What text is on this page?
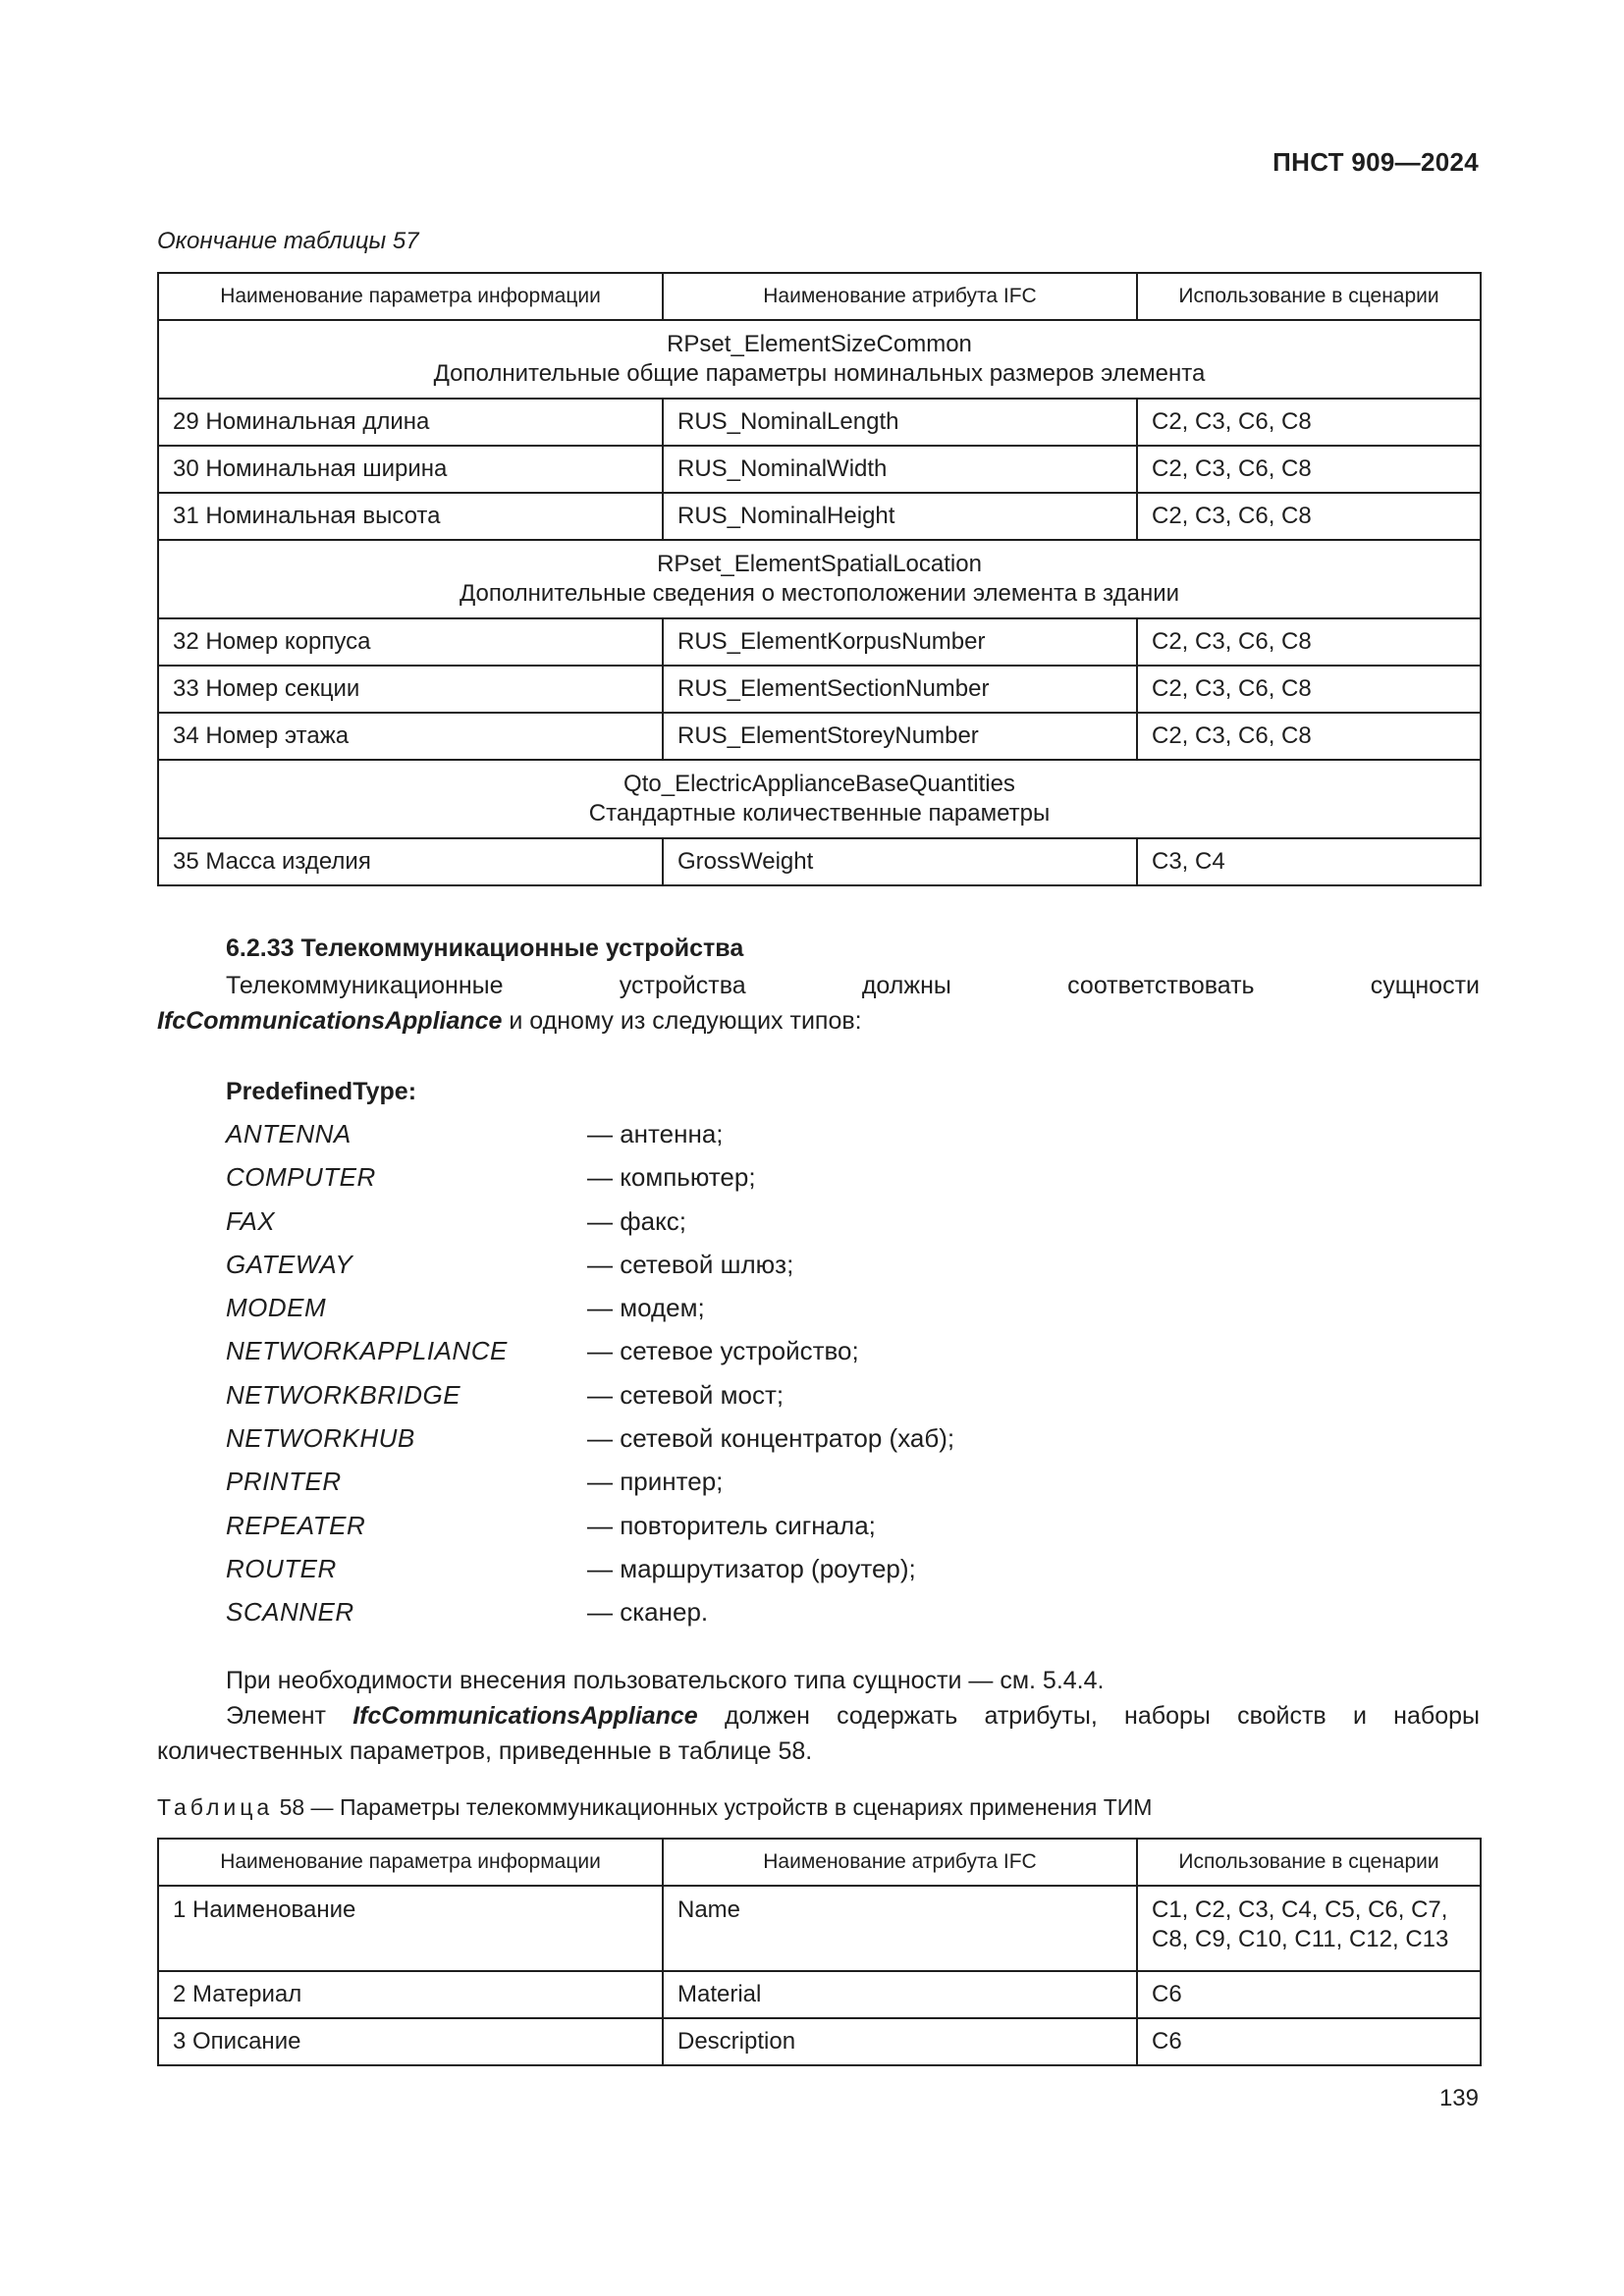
ПНСТ 909—2024
Окончание таблицы 57
Наименование параметра информации	Наименование атрибута IFC	Использование в сценарии

RPset_ElementSizeCommon
Дополнительные общие параметры номинальных размеров элемента		

29 Номинальная длина	RUS_NominalLength	C2, C3, C6, C8
30 Номинальная ширина	RUS_NominalWidth	C2, C3, C6, C8
31 Номинальная высота	RUS_NominalHeight	C2, C3, C6, C8

RPset_ElementSpatialLocation
Дополнительные сведения о местоположении элемента в здании		

32 Номер корпуса	RUS_ElementKorpusNumber	C2, C3, C6, C8
33 Номер секции	RUS_ElementSectionNumber	C2, C3, C6, C8
34 Номер этажа	RUS_ElementStoreyNumber	C2, C3, C6, C8

Qto_ElectricApplianceBaseQuantities
Стандартные количественные параметры		

35 Масса изделия	GrossWeight	C3, C4
6.2.33 Телекоммуникационные устройства
Телекоммуникационные устройства должны соответствовать сущности
IfcCommunicationsAppliance и одному из следующих типов:
PredefinedType:
ANTENNA	— антенна;
COMPUTER	— компьютер;
FAX	— факс;
GATEWAY	— сетевой шлюз;
MODEM	— модем;
NETWORKAPPLIANCE	— сетевое устройство;
NETWORKBRIDGE	— сетевой мост;
NETWORKHUB	— сетевой концентратор (хаб);
PRINTER	— принтер;
REPEATER	— повторитель сигнала;
ROUTER	— маршрутизатор (роутер);
SCANNER	— сканер.
При необходимости внесения пользовательского типа сущности — см. 5.4.4.
Элемент IfcCommunicationsAppliance должен содержать атрибуты, наборы свойств и наборы количественных параметров, приведенные в таблице 58.
Таблица 58 — Параметры телекоммуникационных устройств в сценариях применения ТИМ
Наименование параметра информации	Наименование атрибута IFC	Использование в сценарии
1 Наименование	Name	C1, C2, C3, C4, C5, C6, C7, C8, C9, C10, C11, C12, C13
2 Материал	Material	C6
3 Описание	Description	C6
139
